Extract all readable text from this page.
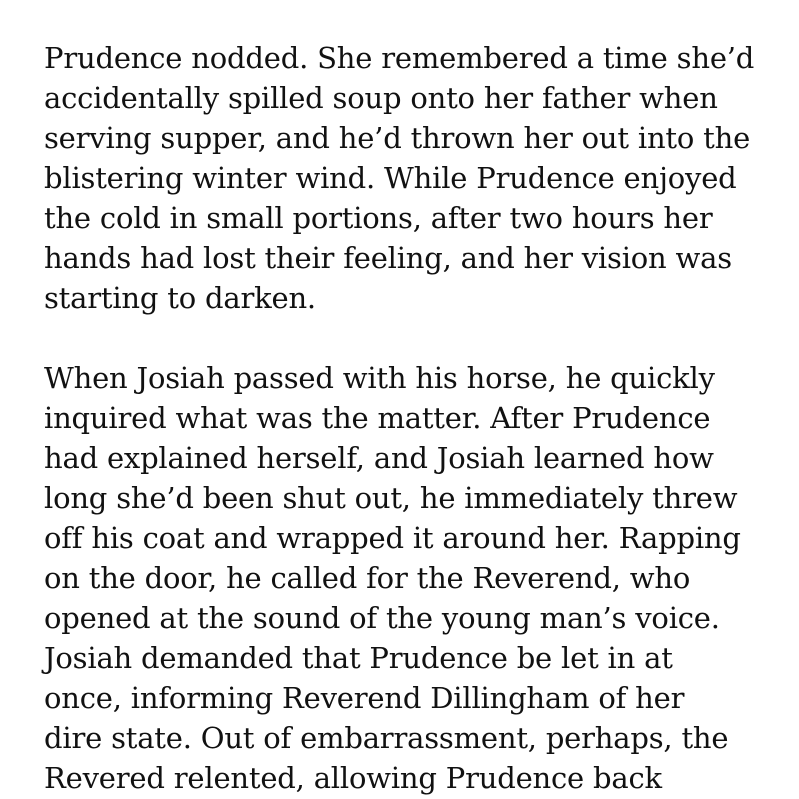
Prudence nodded. She remembered a time she’d
accidentally spilled soup onto her father when
serving supper, and he’d thrown her out into the
blistering winter wind. While Prudence enjoyed
the cold in small portions, after two hours her
hands had lost their feeling, and her vision was
starting to darken.

When Josiah passed with his horse, he quickly
inquired what was the matter. After Prudence
had explained herself, and Josiah learned how
long she’d been shut out, he immediately threw
off his coat and wrapped it around her. Rapping
on the door, he called for the Reverend, who
opened at the sound of the young man’s voice.
Josiah demanded that Prudence be let in at
once, informing Reverend Dillingham of her
dire state. Out of embarrassment, perhaps, the
Revered relented, allowing Prudence back
